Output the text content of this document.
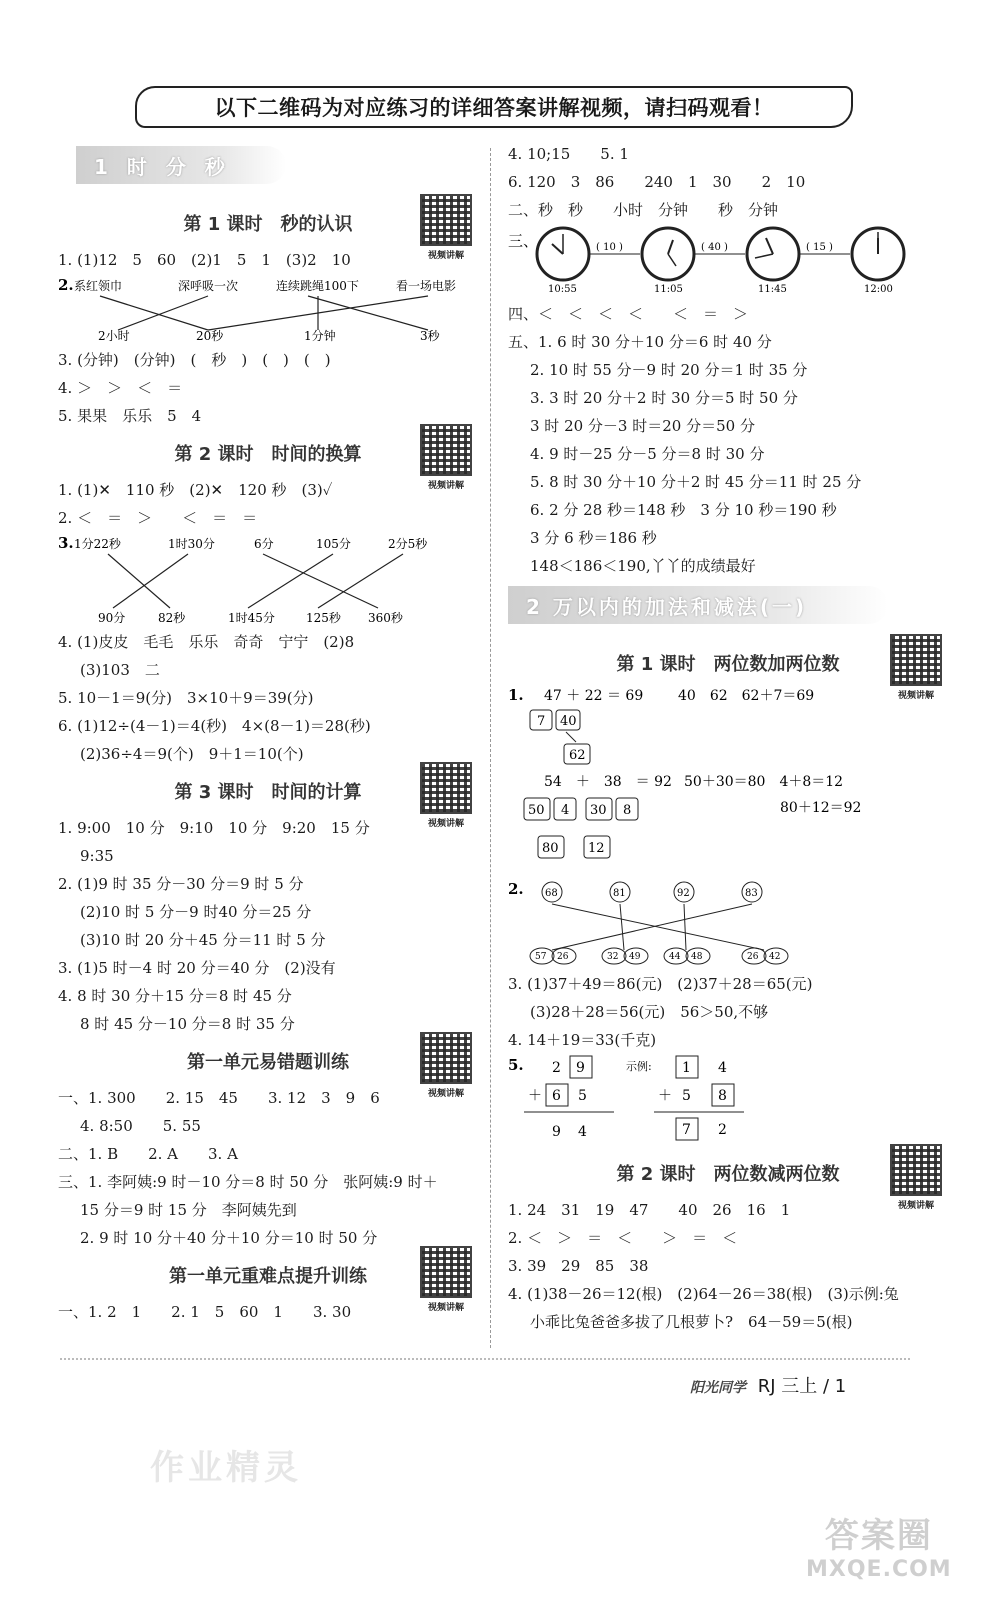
以下二维码为对应练习的详细答案讲解视频，请扫码观看！
1 时 分 秒
第 1 课时　秒的认识
视频讲解
1. (1)12　5　60　(2)1　5　1　(3)2　10
2. 系红领巾	深呼吸一次	连续跳绳100下	看一场电影
2小时	20秒	1分钟	3秒
3. (分钟)　(分钟)　(　秒　)　(　)　(　)
4. ＞　＞　＜　＝
5. 果果　乐乐　5　4
第 2 课时　时间的换算
视频讲解
1. (1)✕　110 秒　(2)✕　120 秒　(3)✓
2. ＜　＝　＞　　＜　＝　＝
3. 1分22秒	1时30分	6分	105分	2分5秒
90分	82秒	1时45分	125秒 360秒
4. (1)皮皮　毛毛　乐乐　奇奇　宁宁　(2)8
(3)103　二
5. 10－1＝9(分)　3×10＋9＝39(分)
6. (1)12÷(4－1)＝4(秒)　4×(8－1)＝28(秒)
(2)36÷4＝9(个)　9＋1＝10(个)
第 3 课时　时间的计算
视频讲解
1. 9:00　10 分　9:10　10 分　9:20　15 分
9:35
2. (1)9 时 35 分－30 分＝9 时 5 分
(2)10 时 5 分－9 时40 分＝25 分
(3)10 时 20 分＋45 分＝11 时 5 分
3. (1)5 时－4 时 20 分＝40 分　(2)没有
4. 8 时 30 分＋15 分＝8 时 45 分
8 时 45 分－10 分＝8 时 35 分
第一单元易错题训练
视频讲解
一、1. 300　　2. 15　45　　3. 12　3　9　6
4. 8:50　　5. 55
二、1. B　　2. A　　3. A
三、1. 李阿姨:9 时－10 分＝8 时 50 分　张阿姨:9 时＋
15 分＝9 时 15 分　李阿姨先到
2. 9 时 10 分＋40 分＋10 分＝10 时 50 分
第一单元重难点提升训练
视频讲解
一、1. 2　1　　2. 1　5　60　1　　3. 30
4. 10;15　　5. 1
6. 120　3　86　　240　1　30　　2　10
二、秒　秒　　小时　分钟　　秒　分钟
三、	( 10 )	( 40 )	( 15 )
10:55	11:05	11:45	12:00
四、＜　＜　＜　＜　　＜　＝　＞
五、1. 6 时 30 分＋10 分＝6 时 40 分
2. 10 时 55 分－9 时 20 分＝1 时 35 分
3. 3 时 20 分＋2 时 30 分＝5 时 50 分
3 时 20 分－3 时＝20 分＝50 分
4. 9 时－25 分－5 分＝8 时 30 分
5. 8 时 30 分＋10 分＋2 时 45 分＝11 时 25 分
6. 2 分 28 秒＝148 秒　3 分 10 秒＝190 秒
3 分 6 秒＝186 秒
148＜186＜190,丫丫的成绩最好
2 万以内的加法和减法(一)
第 1 课时　两位数加两位数
视频讲解
1. 47 ＋ 22 ＝ 69 40　62　62＋7＝69
7 40
62
54　＋　38　＝ 92 50＋30＝80　4＋8＝12
80＋12＝92
50 4 30 8
80 12

2. 68	81	92	83
57 26	32 49	44 48	26 42
3. (1)37＋49＝86(元)　(2)37＋28＝65(元)
(3)28＋28＝56(元)　56＞50,不够
4. 14＋19＝33(千克)
5. 2 9
＋ 6 5
9 4
示例: 1 4
＋ 5 8
7 2
第 2 课时　两位数减两位数
视频讲解
1. 24　31　19　47　　40　26　16　1
2. ＜　＞　＝　＜　　＞　＝　＜
3. 39　29　85　38
4. (1)38－26＝12(根)　(2)64－26＝38(根)　(3)示例:兔
小乖比兔爸爸多拔了几根萝卜?　64－59＝5(根)
阳光同学 RJ 三上 / 1
作业精灵
答案圈
MXQE.COM
